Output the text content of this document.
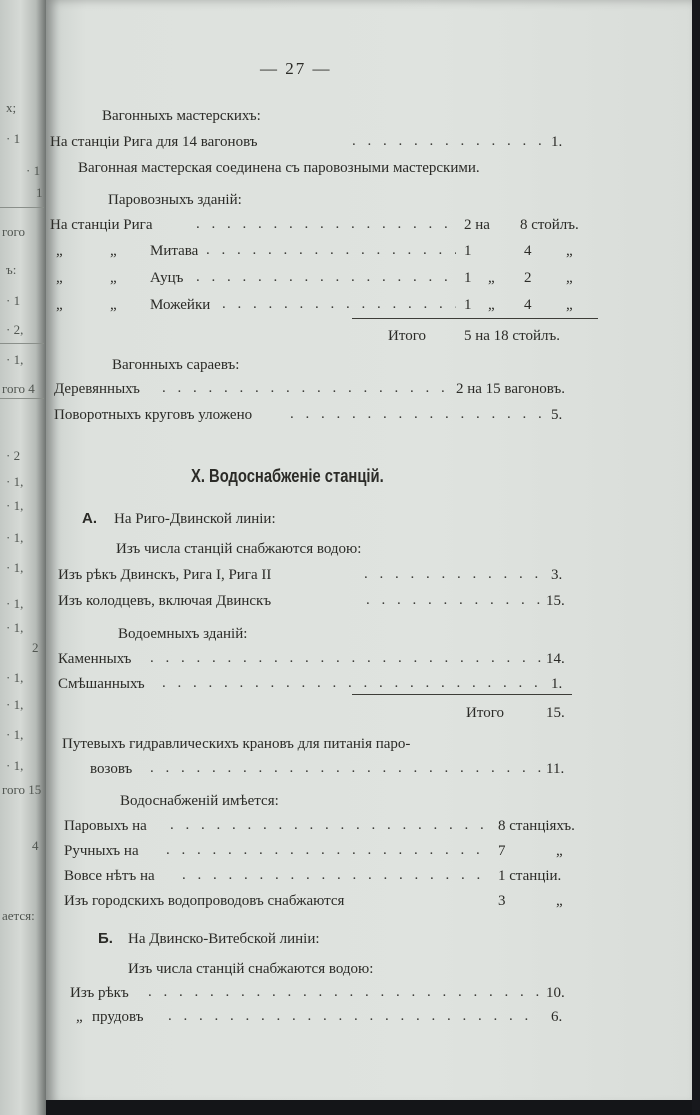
х;
· 1
· 1
1
гого
ъ:
· 1
· 2,
· 1,
гого 4
· 2
· 1,
· 1,
· 1,
· 1,
· 1,
· 1,
2
· 1,
· 1,
· 1,
· 1,
гого 15
4
ается:
— 27 —
. . .
. . .
. . .
. . .
. . .
. . .
. . .
. . .
. . .
. . .
. . .
. . .
. . .
. . .
. . .
. . .
. . .
Вагонныхъ мастерскихъ:
На станціи Рига для 14 вагоновъ	1.
Вагонная мастерская соединена съ паровозными мастерскими.
Паровозныхъ зданій:
На станціи Рига	2 на 8 стойлъ.
„	„ Митава	1	4 „
„	„ Ауцъ	1 „ 2 „
„	„ Можейки	1 „ 4 „
Итого	5 на 18 стойлъ.
Вагонныхъ сараевъ:
Деревянныхъ	2 на 15 вагоновъ.
Поворотныхъ круговъ уложено	5.
X. Водоснабженіе станцій.
А. На Риго-Двинской линіи:
Изъ числа станцій снабжаются водою:
Изъ рѣкъ Двинскъ, Рига I, Рига II	3.
Изъ колодцевъ, включая Двинскъ	15.
Водоемныхъ зданій:
Каменныхъ	14.
Смѣшанныхъ	1.
Итого	15.
Путевыхъ гидравлическихъ крановъ для питанія паро-
возовъ	11.
Водоснабженій имѣется:
Паровыхъ на	8 станціяхъ.
Ручныхъ на	7	„
Вовсе нѣтъ на	1 станціи.
Изъ городскихъ водопроводовъ снабжаются	3	„
Б. На Двинско-Витебской линіи:
Изъ числа станцій снабжаются водою:
Изъ рѣкъ	10.
„ прудовъ	6.
